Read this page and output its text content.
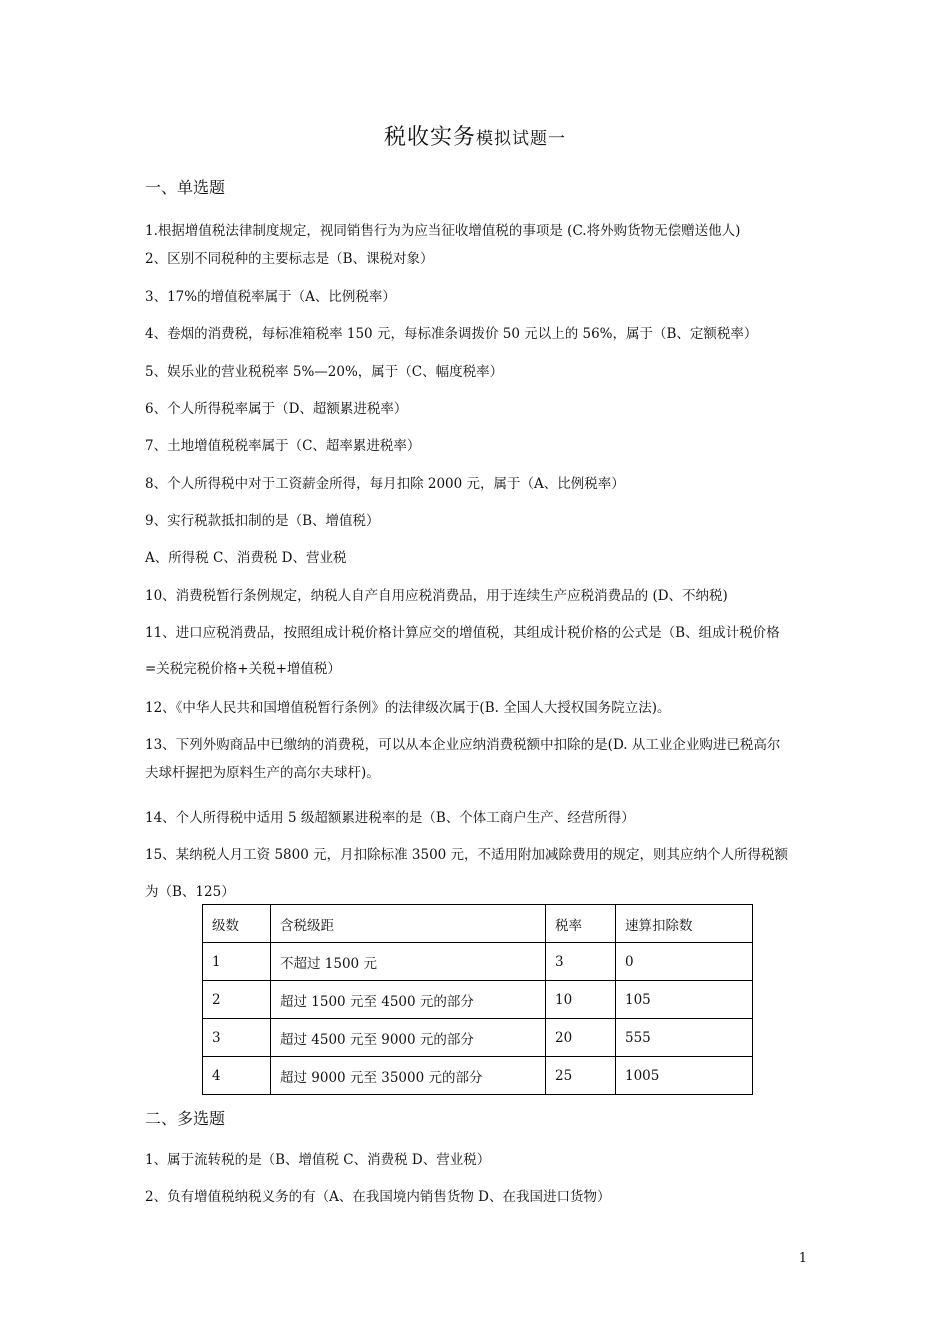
税收实务模拟试题一
一、单选题
1.根据增值税法律制度规定，视同销售行为为应当征收增值税的事项是 (C.将外购货物无偿赠送他人)
2、区别不同税种的主要标志是（B、课税对象）
3、17%的增值税率属于（A、比例税率）
4、卷烟的消费税，每标准箱税率 150 元，每标准条调拨价 50 元以上的 56%，属于（B、定额税率）
5、娱乐业的营业税税率 5%—20%，属于（C、幅度税率）
6、个人所得税率属于（D、超额累进税率）
7、土地增值税税率属于（C、超率累进税率）
8、个人所得税中对于工资薪金所得，每月扣除 2000 元，属于（A、比例税率）
9、实行税款抵扣制的是（B、增值税）
A、所得税 C、消费税 D、营业税
10、消费税暂行条例规定，纳税人自产自用应税消费品，用于连续生产应税消费品的 (D、不纳税)
11、进口应税消费品，按照组成计税价格计算应交的增值税，其组成计税价格的公式是（B、组成计税价格
=关税完税价格+关税+增值税）
12、《中华人民共和国增值税暂行条例》的法律级次属于(B. 全国人大授权国务院立法)。
13、下列外购商品中已缴纳的消费税，可以从本企业应纳消费税额中扣除的是(D. 从工业企业购进已税高尔
夫球杆握把为原料生产的高尔夫球杆)。
14、个人所得税中适用 5 级超额累进税率的是（B、个体工商户生产、经营所得）
15、某纳税人月工资 5800 元，月扣除标准 3500 元，不适用附加减除费用的规定，则其应纳个人所得税额
为（B、125）
级数	含税级距	税率	速算扣除数
1	不超过 1500 元	3	0
2	超过 1500 元至 4500 元的部分	10	105
3	超过 4500 元至 9000 元的部分	20	555
4	超过 9000 元至 35000 元的部分	25	1005
二、多选题
1、属于流转税的是（B、增值税 C、消费税 D、营业税）
2、负有增值税纳税义务的有（A、在我国境内销售货物 D、在我国进口货物）
1
